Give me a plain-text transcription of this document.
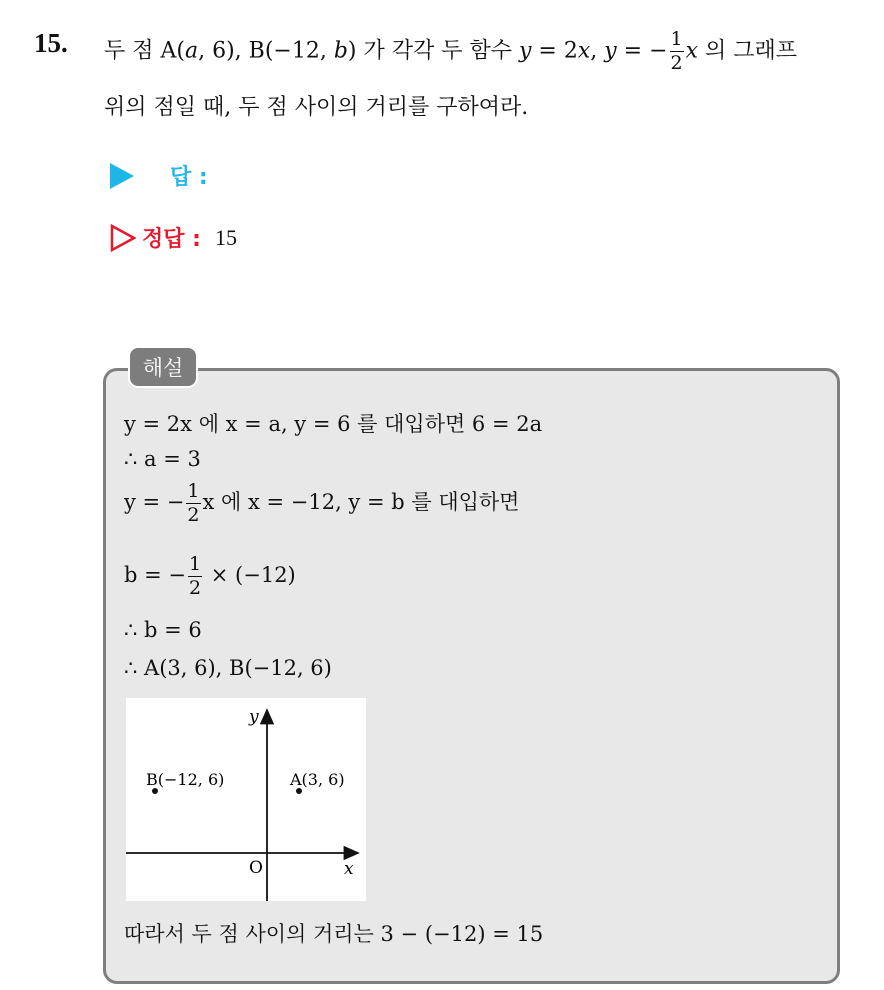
15. 두 점 A(a, 6), B(−12, b) 가 각각 두 함수 y = 2x, y = − $\frac{1}{2}$ x 의 그래프
위의 점일 때, 두 점 사이의 거리를 구하여라.
답 :
정답 : 15
해설
y = 2x 에 x = a, y = 6 를 대입하면 6 = 2a
∴ a = 3
y = − $\frac{1}{2}$ x 에 x = −12, y = b 를 대입하면
b = − $\frac{1}{2} \times (-12)$
∴ b = 6
∴ A(3, 6), B(−12, 6)
y
x
O
B(−12, 6)	A(3, 6)
따라서 두 점 사이의 거리는 3 − (−12) = 15
